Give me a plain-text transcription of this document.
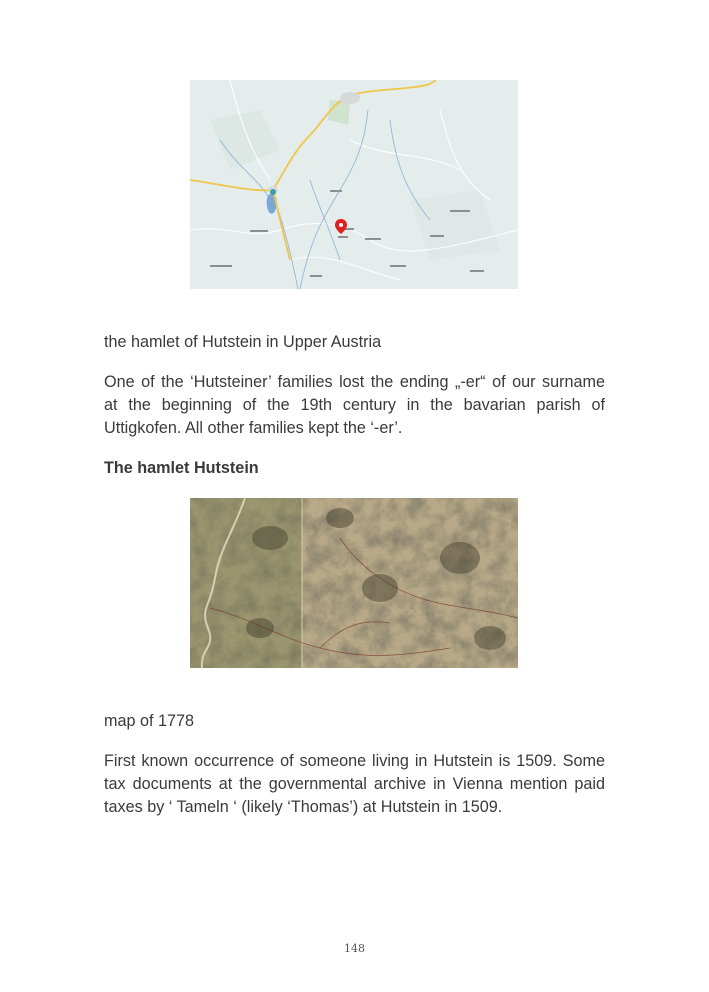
the hamlet of Hutstein in Upper Austria

One of the ‘Hutsteiner’ families lost the ending „-er“ of our surname
at the beginning of the 19th century in the bavarian parish of
Uttigkofen. All other families kept the ‘-er’.

The hamlet Hutstein

map of 1778

First known occurrence of someone living in Hutstein is 1509. Some
tax documents at the governmental archive in Vienna mention paid
taxes by ‘ Tameln ‘ (likely ‘Thomas’) at Hutstein in 1509.

148
